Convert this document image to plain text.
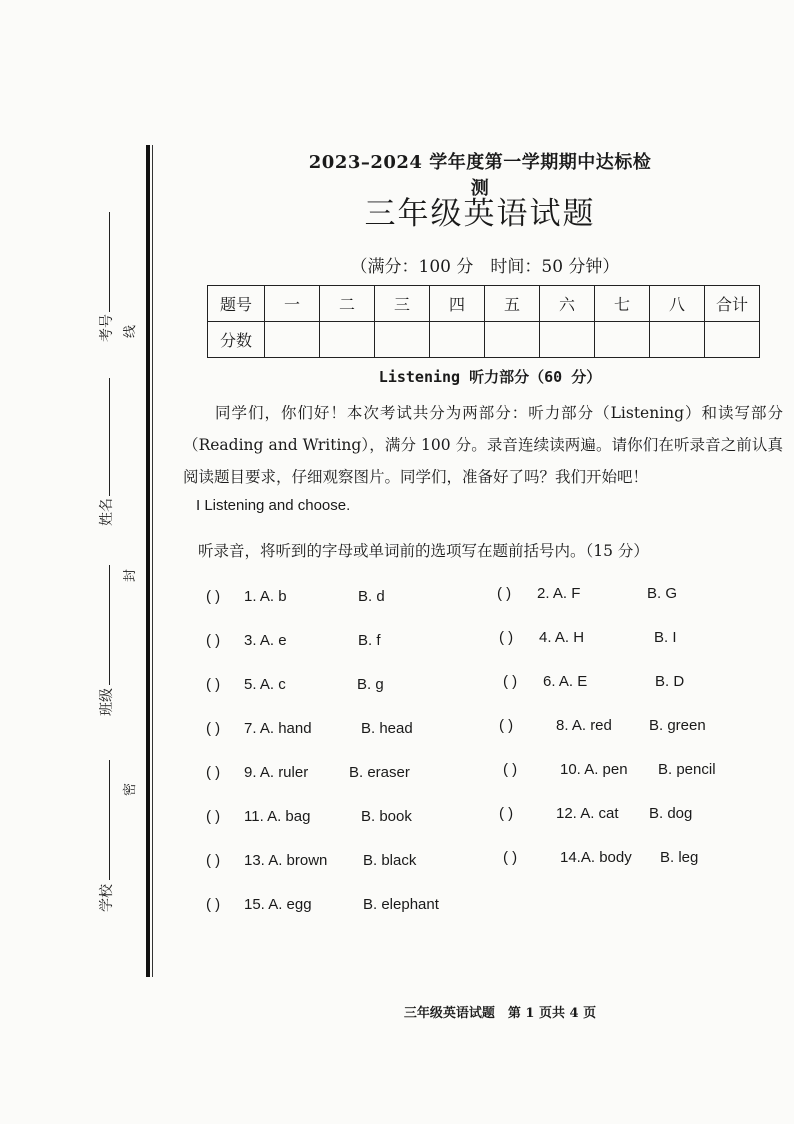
考号 线
姓名
封
班级
密
学校
2023–2024 学年度第一学期期中达标检测
三年级英语试题
（满分：100 分　时间：50 分钟）
题号	一	二	三	四	五	六	七	八	合计
分数									
Listening 听力部分（60 分）
同学们，你们好！本次考试共分为两部分：听力部分（Listening）和读写部分（Reading and Writing），满分 100 分。录音连续读两遍。请你们在听录音之前认真阅读题目要求，仔细观察图片。同学们，准备好了吗？我们开始吧！
I Listening and choose.
听录音，将听到的字母或单词前的选项写在题前括号内。（15 分）
( ) 1. A. b	B. d	( ) 2. A. F	B. G
( ) 3. A. e	B. f	( ) 4. A. H	B. I
( ) 5. A. c	B. g	( ) 6. A. E	B. D
( ) 7. A. hand	B. head	( )	8. A. red B. green
( ) 9. A. ruler	B. eraser	( )	10. A. pen B. pencil
( ) 11. A. bag	B. book	( )	12. A. cat B. dog
( ) 13. A. brown B. black	( )	14.A. body B. leg
( ) 15. A. egg	B. elephant
三年级英语试题　第 1 页共 4 页
